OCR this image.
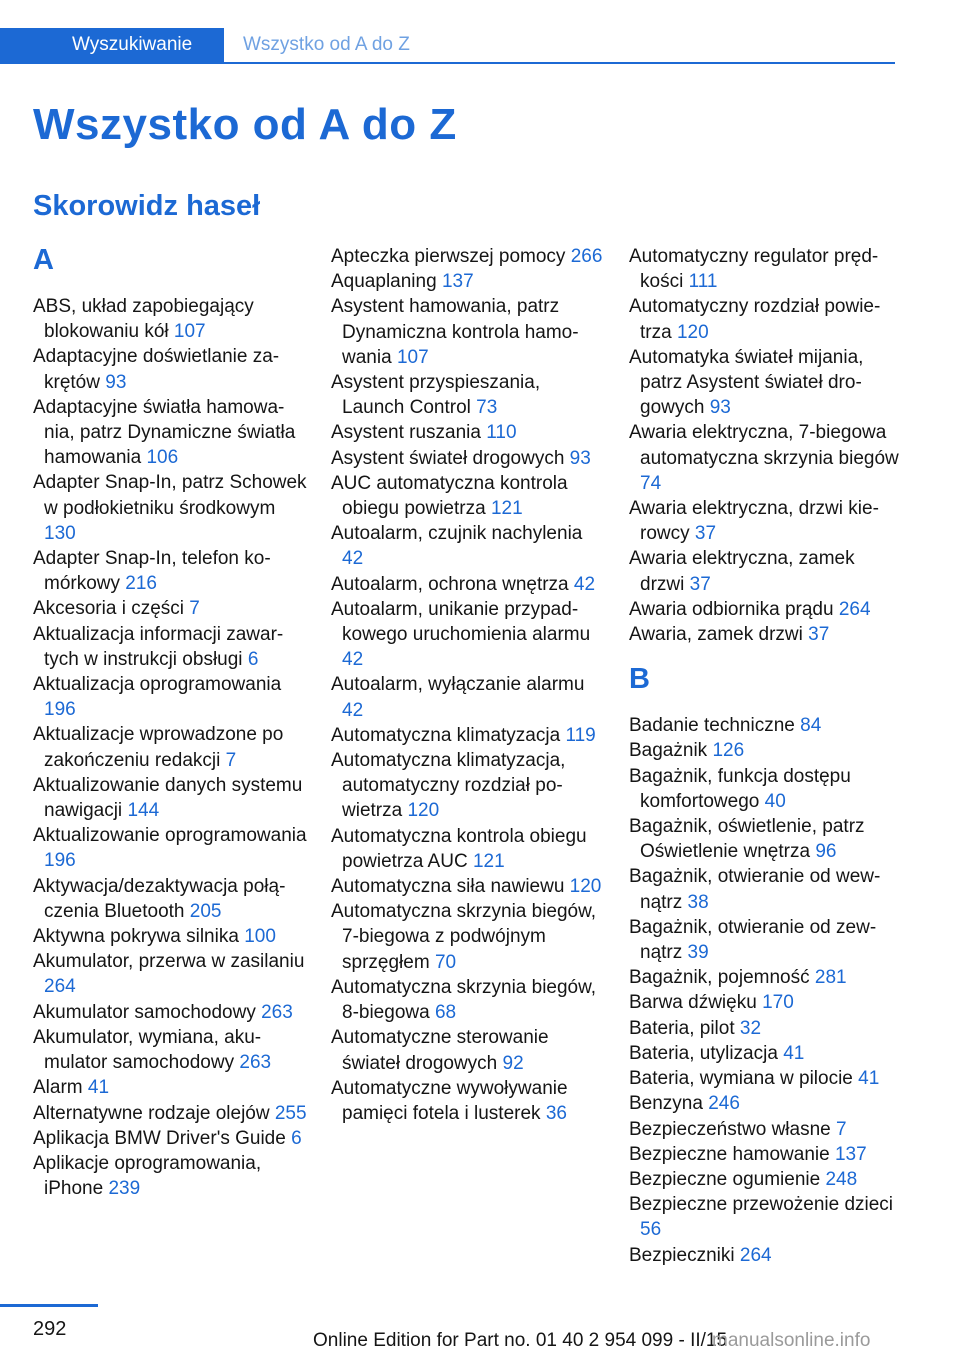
Wyszukiwanie	Wszystko od A do Z
Wszystko od A do Z
Skorowidz haseł
A
ABS, układ zapobiegający blokowaniu kół 107
Adaptacyjne doświetlanie zakrętów 93
Adaptacyjne światła hamowania, patrz Dynamiczne światła hamowania 106
Adapter Snap-In, patrz Schowek w podłokietniku środkowym 130
Adapter Snap-In, telefon komórkowy 216
Akcesoria i części 7
Aktualizacja informacji zawartych w instrukcji obsługi 6
Aktualizacja oprogramowania 196
Aktualizacje wprowadzone po zakończeniu redakcji 7
Aktualizowanie danych systemu nawigacji 144
Aktualizowanie oprogramowania 196
Aktywacja/dezaktywacja połączenia Bluetooth 205
Aktywna pokrywa silnika 100
Akumulator, przerwa w zasilaniu 264
Akumulator samochodowy 263
Akumulator, wymiana, akumulator samochodowy 263
Alarm 41
Alternatywne rodzaje olejów 255
Aplikacja BMW Driver's Guide 6
Aplikacje oprogramowania, iPhone 239
Apteczka pierwszej pomocy 266
Aquaplaning 137
Asystent hamowania, patrz Dynamiczna kontrola hamowania 107
Asystent przyspieszania, Launch Control 73
Asystent ruszania 110
Asystent świateł drogowych 93
AUC automatyczna kontrola obiegu powietrza 121
Autoalarm, czujnik nachylenia 42
Autoalarm, ochrona wnętrza 42
Autoalarm, unikanie przypadkowego uruchomienia alarmu 42
Autoalarm, wyłączanie alarmu 42
Automatyczna klimatyzacja 119
Automatyczna klimatyzacja, automatyczny rozdział powietrza 120
Automatyczna kontrola obiegu powietrza AUC 121
Automatyczna siła nawiewu 120
Automatyczna skrzynia biegów, 7-biegowa z podwójnym sprzęgłem 70
Automatyczna skrzynia biegów, 8-biegowa 68
Automatyczne sterowanie świateł drogowych 92
Automatyczne wywoływanie pamięci fotela i lusterek 36
Automatyczny regulator prędkości 111
Automatyczny rozdział powietrza 120
Automatyka świateł mijania, patrz Asystent świateł drogowych 93
Awaria elektryczna, 7-biegowa automatyczna skrzynia biegów 74
Awaria elektryczna, drzwi kierowcy 37
Awaria elektryczna, zamek drzwi 37
Awaria odbiornika prądu 264
Awaria, zamek drzwi 37
B
Badanie techniczne 84
Bagażnik 126
Bagażnik, funkcja dostępu komfortowego 40
Bagażnik, oświetlenie, patrz Oświetlenie wnętrza 96
Bagażnik, otwieranie od wewnątrz 38
Bagażnik, otwieranie od zewnątrz 39
Bagażnik, pojemność 281
Barwa dźwięku 170
Bateria, pilot 32
Bateria, utylizacja 41
Bateria, wymiana w pilocie 41
Benzyna 246
Bezpieczeństwo własne 7
Bezpieczne hamowanie 137
Bezpieczne ogumienie 248
Bezpieczne przewożenie dzieci 56
Bezpieczniki 264
292
Online Edition for Part no. 01 40 2 954 099 - II/15
manualsonline.info
